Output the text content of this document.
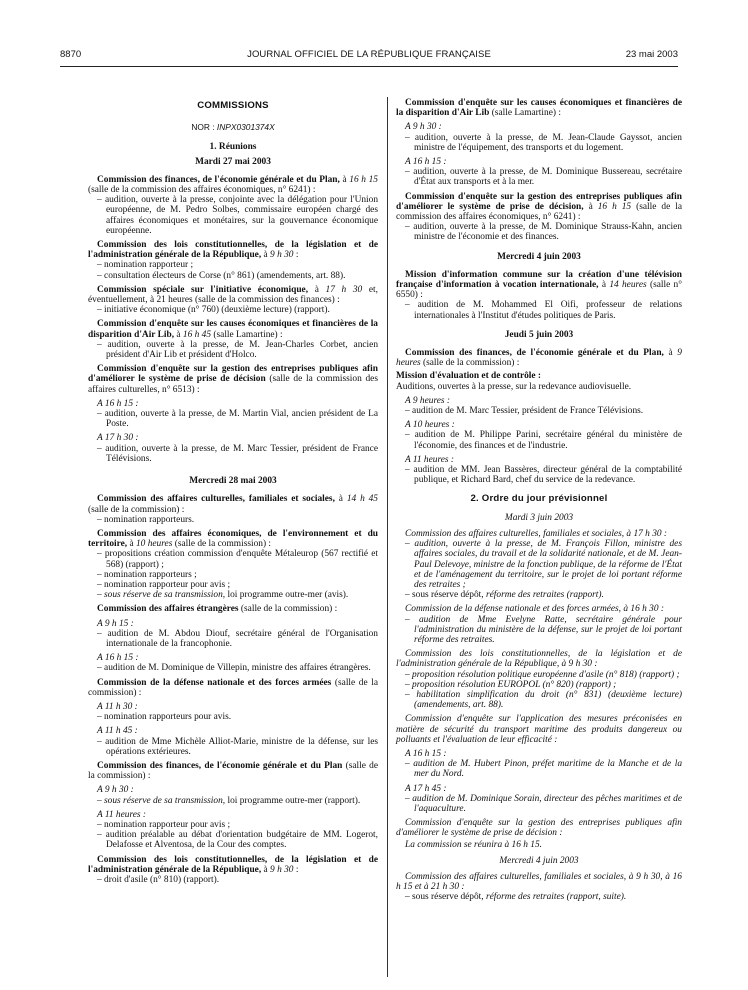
8870	JOURNAL OFFICIEL DE LA RÉPUBLIQUE FRANÇAISE	23 mai 2003
COMMISSIONS
NOR : INPX0301374X
1. Réunions
Mardi 27 mai 2003
Commission des finances, de l'économie générale et du Plan, à 16 h 15 (salle de la commission des affaires économiques, n° 6241) :
– audition, ouverte à la presse, conjointe avec la délégation pour l'Union européenne, de M. Pedro Solbes, commissaire européen chargé des affaires économiques et monétaires, sur la gouvernance économique européenne.
Commission des lois constitutionnelles, de la législation et de l'administration générale de la République, à 9 h 30 :
– nomination rapporteur ;
– consultation électeurs de Corse (n° 861) (amendements, art. 88).
Commission spéciale sur l'initiative économique, à 17 h 30 et, éventuellement, à 21 heures (salle de la commission des finances) :
– initiative économique (n° 760) (deuxième lecture) (rapport).
Commission d'enquête sur les causes économiques et financières de la disparition d'Air Lib, à 16 h 45 (salle Lamartine) :
– audition, ouverte à la presse, de M. Jean-Charles Corbet, ancien président d'Air Lib et président d'Holco.
Commission d'enquête sur la gestion des entreprises publiques afin d'améliorer le système de prise de décision (salle de la commission des affaires culturelles, n° 6513) :
A 16 h 15 :
– audition, ouverte à la presse, de M. Martin Vial, ancien président de La Poste.
A 17 h 30 :
– audition, ouverte à la presse, de M. Marc Tessier, président de France Télévisions.
Mercredi 28 mai 2003
Commission des affaires culturelles, familiales et sociales, à 14 h 45 (salle de la commission) :
– nomination rapporteurs.
Commission des affaires économiques, de l'environnement et du territoire, à 10 heures (salle de la commission) :
– propositions création commission d'enquête Métaleurop (567 rectifié et 568) (rapport) ;
– nomination rapporteurs ;
– nomination rapporteur pour avis ;
– sous réserve de sa transmission, loi programme outre-mer (avis).
Commission des affaires étrangères (salle de la commission) :
A 9 h 15 :
– audition de M. Abdou Diouf, secrétaire général de l'Organisation internationale de la francophonie.
A 16 h 15 :
– audition de M. Dominique de Villepin, ministre des affaires étrangères.
Commission de la défense nationale et des forces armées (salle de la commission) :
A 11 h 30 :
– nomination rapporteurs pour avis.
A 11 h 45 :
– audition de Mme Michèle Alliot-Marie, ministre de la défense, sur les opérations extérieures.
Commission des finances, de l'économie générale et du Plan (salle de la commission) :
A 9 h 30 :
– sous réserve de sa transmission, loi programme outre-mer (rapport).
A 11 heures :
– nomination rapporteur pour avis ;
– audition préalable au débat d'orientation budgétaire de MM. Logerot, Delafosse et Alventosa, de la Cour des comptes.
Commission des lois constitutionnelles, de la législation et de l'administration générale de la République, à 9 h 30 :
– droit d'asile (n° 810) (rapport).
Commission d'enquête sur les causes économiques et financières de la disparition d'Air Lib (salle Lamartine) :
A 9 h 30 :
– audition, ouverte à la presse, de M. Jean-Claude Gayssot, ancien ministre de l'équipement, des transports et du logement.
A 16 h 15 :
– audition, ouverte à la presse, de M. Dominique Bussereau, secrétaire d'État aux transports et à la mer.
Commission d'enquête sur la gestion des entreprises publiques afin d'améliorer le système de prise de décision, à 16 h 15 (salle de la commission des affaires économiques, n° 6241) :
– audition, ouverte à la presse, de M. Dominique Strauss-Kahn, ancien ministre de l'économie et des finances.
Mercredi 4 juin 2003
Mission d'information commune sur la création d'une télévision française d'information à vocation internationale, à 14 heures (salle n° 6550) :
– audition de M. Mohammed El Oifi, professeur de relations internationales à l'Institut d'études politiques de Paris.
Jeudi 5 juin 2003
Commission des finances, de l'économie générale et du Plan, à 9 heures (salle de la commission) :
Mission d'évaluation et de contrôle :
Auditions, ouvertes à la presse, sur la redevance audiovisuelle.
A 9 heures :
– audition de M. Marc Tessier, président de France Télévisions.
A 10 heures :
– audition de M. Philippe Parini, secrétaire général du ministère de l'économie, des finances et de l'industrie.
A 11 heures :
– audition de MM. Jean Bassères, directeur général de la comptabilité publique, et Richard Bard, chef du service de la redevance.
2. Ordre du jour prévisionnel
Mardi 3 juin 2003
Commission des affaires culturelles, familiales et sociales, à 17 h 30 :
– audition, ouverte à la presse, de M. François Fillon, ministre des affaires sociales, du travail et de la solidarité nationale, et de M. Jean-Paul Delevoye, ministre de la fonction publique, de la réforme de l'État et de l'aménagement du territoire, sur le projet de loi portant réforme des retraites ;
– sous réserve dépôt, réforme des retraites (rapport).
Commission de la défense nationale et des forces armées, à 16 h 30 :
– audition de Mme Evelyne Ratte, secrétaire générale pour l'administration du ministère de la défense, sur le projet de loi portant réforme des retraites.
Commission des lois constitutionnelles, de la législation et de l'administration générale de la République, à 9 h 30 :
– proposition résolution politique européenne d'asile (n° 818) (rapport) ;
– proposition résolution EUROPOL (n° 820) (rapport) ;
– habilitation simplification du droit (n° 831) (deuxième lecture) (amendements, art. 88).
Commission d'enquête sur l'application des mesures préconisées en matière de sécurité du transport maritime des produits dangereux ou polluants et l'évaluation de leur efficacité :
A 16 h 15 :
– audition de M. Hubert Pinon, préfet maritime de la Manche et de la mer du Nord.
A 17 h 45 :
– audition de M. Dominique Sorain, directeur des pêches maritimes et de l'aquaculture.
Commission d'enquête sur la gestion des entreprises publiques afin d'améliorer le système de prise de décision :
La commission se réunira à 16 h 15.
Mercredi 4 juin 2003
Commission des affaires culturelles, familiales et sociales, à 9 h 30, à 16 h 15 et à 21 h 30 :
– sous réserve dépôt, réforme des retraites (rapport, suite).
